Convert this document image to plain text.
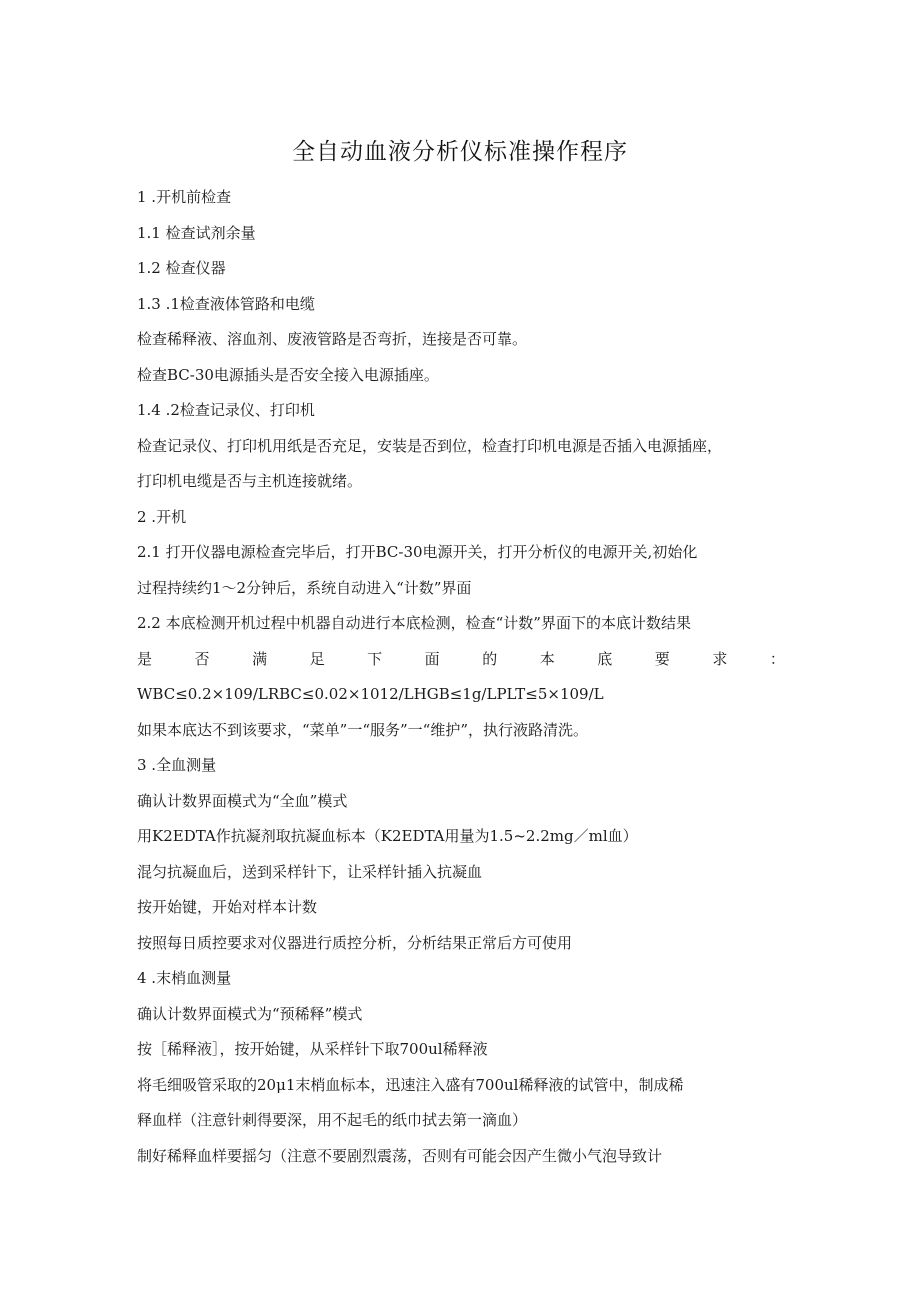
全自动血液分析仪标准操作程序
1 .开机前检查
1.1 检查试剂余量
1.2 检查仪器
1.3 .1检查液体管路和电缆
检查稀释液、溶血剂、废液管路是否弯折，连接是否可靠。
检查BC-30电源插头是否安全接入电源插座。
1.4 .2检查记录仪、打印机
检查记录仪、打印机用纸是否充足，安装是否到位，检查打印机电源是否插入电源插座，
打印机电缆是否与主机连接就绪。
2 .开机
2.1 打开仪器电源检查完毕后，打开BC-30电源开关，打开分析仪的电源开关,初始化
过程持续约1～2分钟后，系统自动进入“计数”界面
2.2 本底检测开机过程中机器自动进行本底检测，检查“计数”界面下的本底计数结果
是	否	满	足	下	面	的	本	底	要	求	：
WBC≤0.2×109/LRBC≤0.02×1012/LHGB≤1g/LPLT≤5×109/L
如果本底达不到该要求，“菜单”一“服务”一“维护”，执行液路清洗。
3 .全血测量
确认计数界面模式为“全血”模式
用K2EDTA作抗凝剂取抗凝血标本（K2EDTA用量为1.5~2.2mg／ml血）
混匀抗凝血后，送到采样针下，让采样针插入抗凝血
按开始键，开始对样本计数
按照每日质控要求对仪器进行质控分析，分析结果正常后方可使用
4 .末梢血测量
确认计数界面模式为“预稀释”模式
按［稀释液］，按开始键，从采样针下取700ul稀释液
将毛细吸管采取的20μ1末梢血标本，迅速注入盛有700ul稀释液的试管中，制成稀
释血样（注意针刺得要深，用不起毛的纸巾拭去第一滴血）
制好稀释血样要摇匀（注意不要剧烈震荡，否则有可能会因产生微小气泡导致计
